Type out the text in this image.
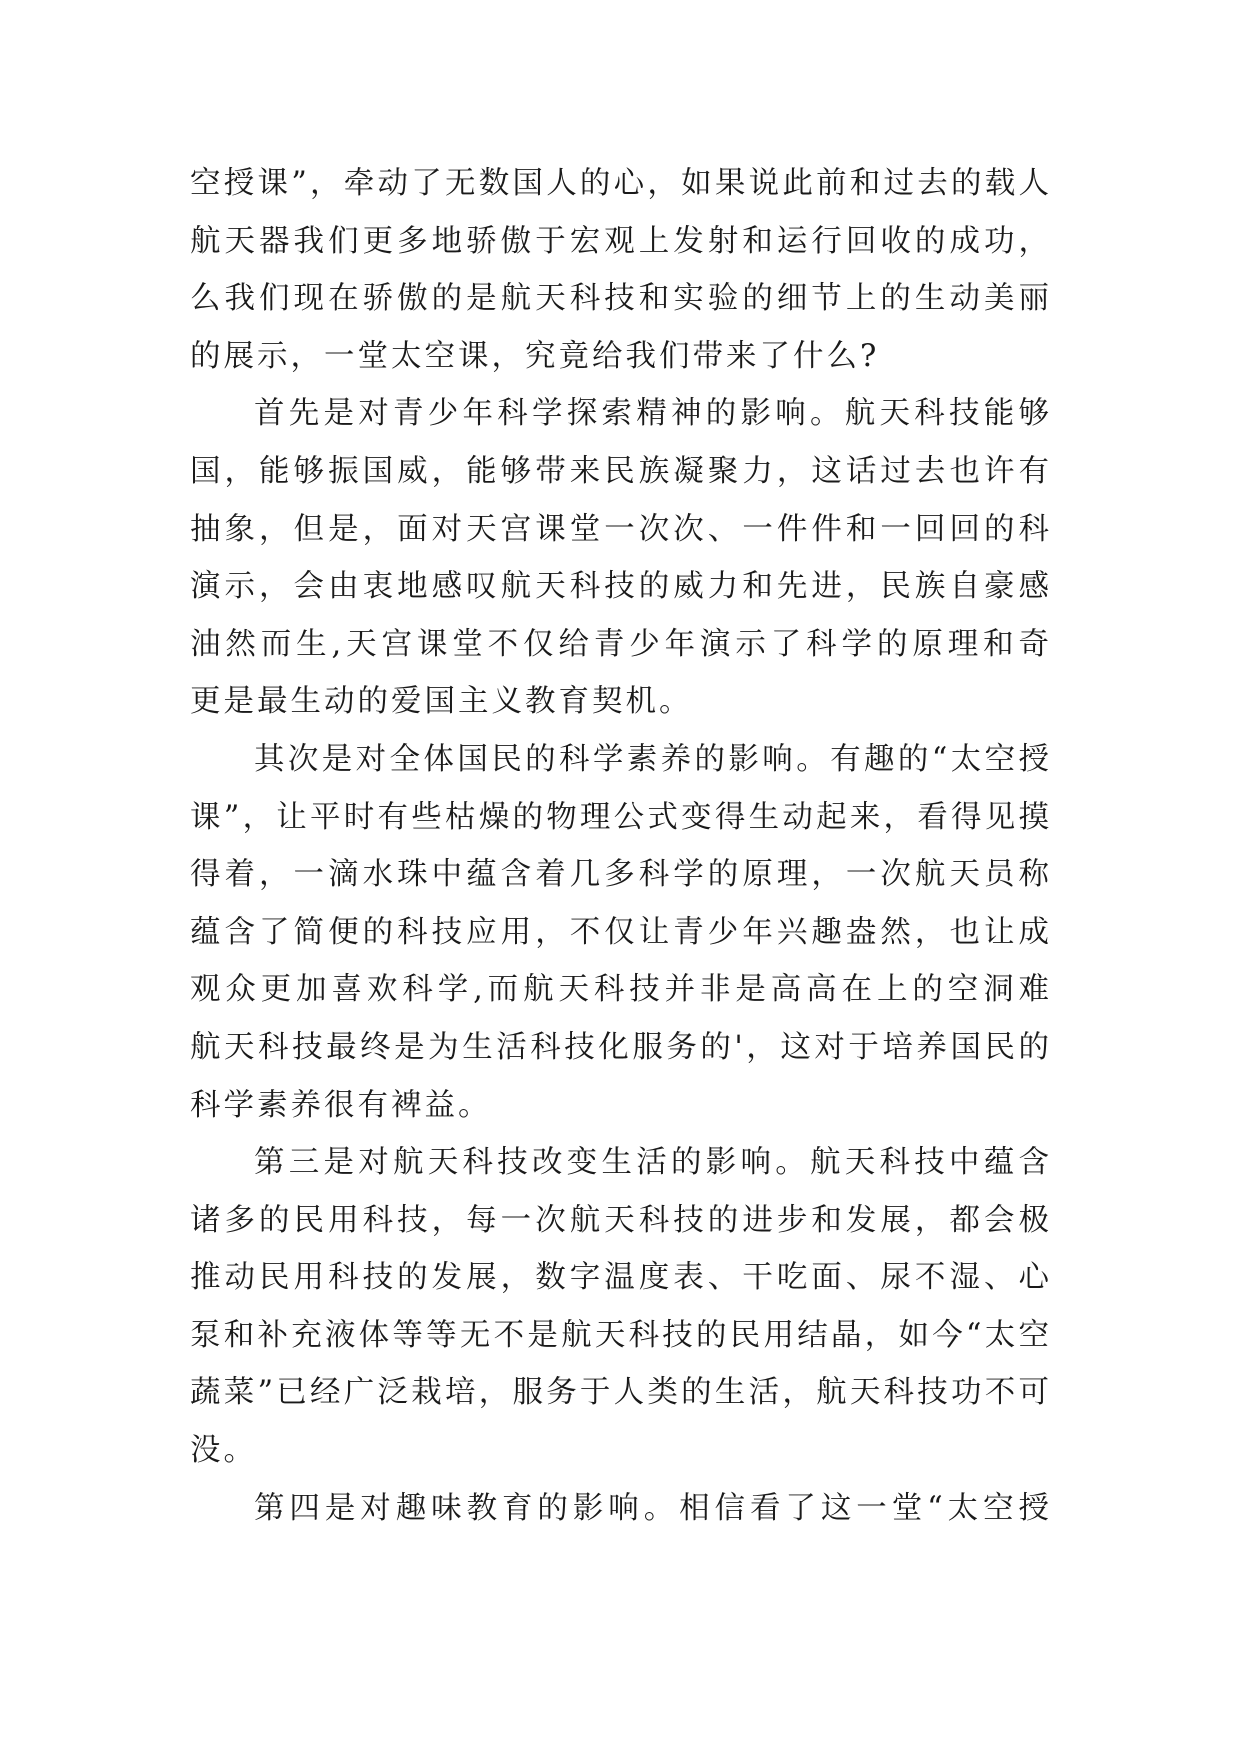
空授课”，牵动了无数国人的心，如果说此前和过去的载人
航天器我们更多地骄傲于宏观上发射和运行回收的成功，
么我们现在骄傲的是航天科技和实验的细节上的生动美丽
的展示，一堂太空课，究竟给我们带来了什么?
首先是对青少年科学探索精神的影响。航天科技能够
国，能够振国威，能够带来民族凝聚力，这话过去也许有
抽象，但是，面对天宫课堂一次次、一件件和一回回的科
演示，会由衷地感叹航天科技的威力和先进，民族自豪感
油然而生,天宫课堂不仅给青少年演示了科学的原理和奇
更是最生动的爱国主义教育契机。
其次是对全体国民的科学素养的影响。有趣的“太空授
课”，让平时有些枯燥的物理公式变得生动起来，看得见摸
得着，一滴水珠中蕴含着几多科学的原理，一次航天员称
蕴含了简便的科技应用，不仅让青少年兴趣盎然，也让成
观众更加喜欢科学,而航天科技并非是高高在上的空洞难
航天科技最终是为生活科技化服务的'，这对于培养国民的
科学素养很有裨益。
第三是对航天科技改变生活的影响。航天科技中蕴含
诸多的民用科技，每一次航天科技的进步和发展，都会极
推动民用科技的发展，数字温度表、干吃面、尿不湿、心
泵和补充液体等等无不是航天科技的民用结晶，如今“太空
蔬菜”已经广泛栽培，服务于人类的生活，航天科技功不可
没。
第四是对趣味教育的影响。相信看了这一堂“太空授
